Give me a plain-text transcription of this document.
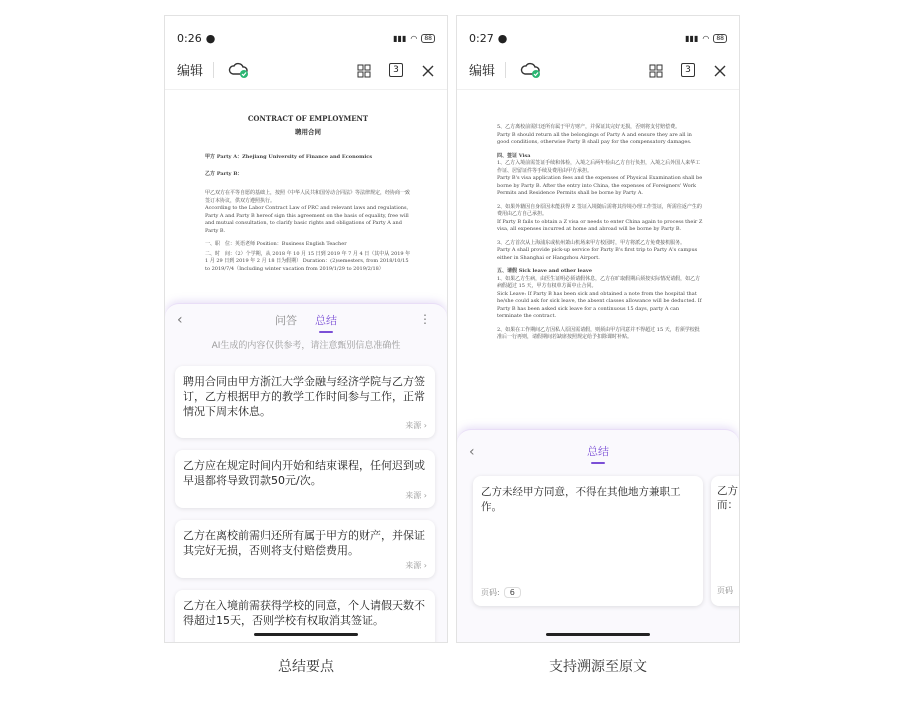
0:26 ●	▮▮▮ ◠	88
编辑	3
CONTRACT OF EMPLOYMENT
聘用合同

甲方 Party A：Zhejiang University of Finance and Economics

乙方 Party B：

甲乙双方在平等自愿的基础上，按照《中华人民共和国劳动合同法》等法律规定，经协商一致签订本协议，供双方遵照执行。

According to the Labor Contract Law of PRC and relevant laws and regulations, Party A and Party B hereof sign this agreement on the basis of equality, free will and mutual consultation, to clarify basic rights and obligations of Party A and Party B.

一、职　位：英语老师 Position：Business English Teacher

二、时　间：（2）个学期，从 2018 年 10 月 15 日到 2019 年 7 月 4 日（其中从 2019 年 1 月 29 日到 2019 年 2 月 18 日为假期） Duration：(2)semesters, from 2018/10/15 to 2019/7/4（Including winter vacation from 2019/1/29 to 2019/2/18）

‹	问答 总结	⋮
AI生成的内容仅供参考，请注意甄别信息准确性
聘用合同由甲方浙江大学金融与经济学院与乙方签订，乙方根据甲方的教学工作时间参与工作，正常情况下周末休息。
来源 ›
乙方应在规定时间内开始和结束课程，任何迟到或早退都将导致罚款50元/次。
来源 ›
乙方在离校前需归还所有属于甲方的财产，并保证其完好无损，否则将支付赔偿费用。
来源 ›
乙方在入境前需获得学校的同意，个人请假天数不得超过15天，否则学校有权取消其签证。
总结要点
0:27 ●	▮▮▮ ◠	88
编辑	3

5、乙方离校前需归还所有属于甲方财产，并保证其完好无损，否则将支付赔偿费。

Party B should return all the belongings of Party A and ensure they are all in good conditions, otherwise Party B shall pay for the compensatory damages.

四、签证 Visa

1、乙方入境前需签证手续和体检，入境之后两年检由乙方自行负担，入境之后外国人来华工作证、居留证件等手续及费用由甲方承担。

Party B's visa application fees and the expenses of Physical Examination shall be borne by Party B. After the entry into China, the expenses of Foreigners' Work Permits and Residence Permits shall be borne by Party A.

2、如果外籍因自身原因未能获得 Z 签证入境随后需将其待境办理工作签证，所需往返产生的费用由乙方自己承担。

If Party B fails to obtain a Z visa or needs to enter China again to process their Z visa, all expenses incurred at home and abroad will be borne by Party B.

3、乙方首次从上海浦东或杭州萧山机场来甲方校园时，甲方将派乙方免费接机服务。

Party A shall provide pick-up service for Party B's first trip to Party A's campus either in Shanghai or Hangzhou Airport.

五、请假 Sick leave and other leave

1、如果乙方生病，由医生证明必须请假休息，乙方在旷取假期后须按实际情况请假，如乙方病假超过 15 天，甲方有权单方面中止合同。

Sick Leave: If Party B has been sick and obtained a note from the hospital that he/she could ask for sick leave, the absent classes allowance will be deducted. If Party B has been asked sick leave for a continuous 15 days, party A can terminate the contract.

2、如果在工作期间乙方因私人原因需请假，则须由甲方同意并不得超过 15 天，若须学校批准后一行再则，请假期间若缺席按照规定给予扣除课时补贴。

‹	总结
乙方未经甲方同意，不得在其他地方兼职工作。
页码: 6
乙方而：
页码
支持溯源至原文
